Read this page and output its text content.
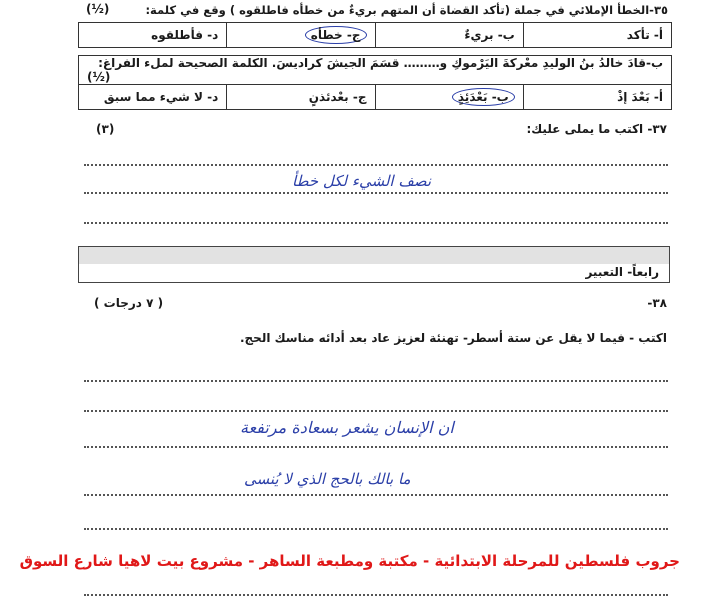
٣٥-الخطأ الإملائي في جملة (تأكد القضاة أن المتهم بريءٌ من خطأه فاطلقوه ) وقع في كلمة:
(½)
أ- تأكد	ب- بريءٌ	ج- خطأه	د- فأطلقوه
ب-قادَ خالدُ بنُ الوليدِ معْركةَ اليَرْموكِ و……… قسَمَ الجيشَ كراديسَ. الكلمة الصحيحة لملء الفراغ:
(½)
أ- بَعْدَ إذْ	ب- بَعْدَئِذٍ	ج- بعْدئذنٍ	د- لا شيء مما سبق
٣٧- اكتب ما يملى عليك:
(٣)
نصف الشيء لكل خطأ
رابعاً- التعبير
٣٨-
( ٧ درجات )
اكتب - فيما لا يقل عن ستة أسطر- تهنئة لعزيز عاد بعد أدائه مناسك الحج.
ان الإنسان يشعر بسعادة مرتفعة
ما بالك بالحج الذي لا يُنسى
جروب فلسطين للمرحلة الابتدائية - مكتبة ومطبعة الساهر - مشروع بيت لاهيا شارع السوق
